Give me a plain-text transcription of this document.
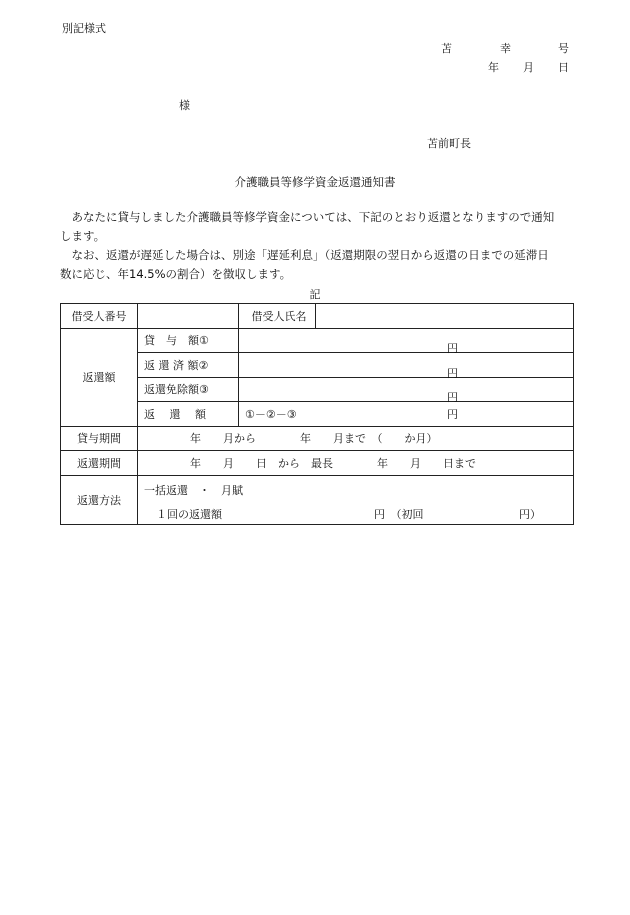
別記様式
苫	幸	号
年 月 日
様
苫前町長
介護職員等修学資金返還通知書

　あなたに貸与しました介護職員等修学資金については、下記のとおり返還となりますので通知

します。

　なお、返還が遅延した場合は、別途「遅延利息」（返還期限の翌日から返還の日までの延滞日

数に応じ、年14.5%の割合）を徴収します。

記
借受人番号		借受人氏名	
返還額	貸　与　額①	円	

	返 還 済 額②	円	

	返還免除額③	円	

	返　 還　 額	①－②－③ 円	

貸与期間	年　　月から　　　　年　　月まで　（　　か月）		
返還期間	年　　月　　日　から　最長　　　　年　　月　　日まで		
返還方法	一括返還　・　月賦
１回の返還額 円　（初回 円）		
